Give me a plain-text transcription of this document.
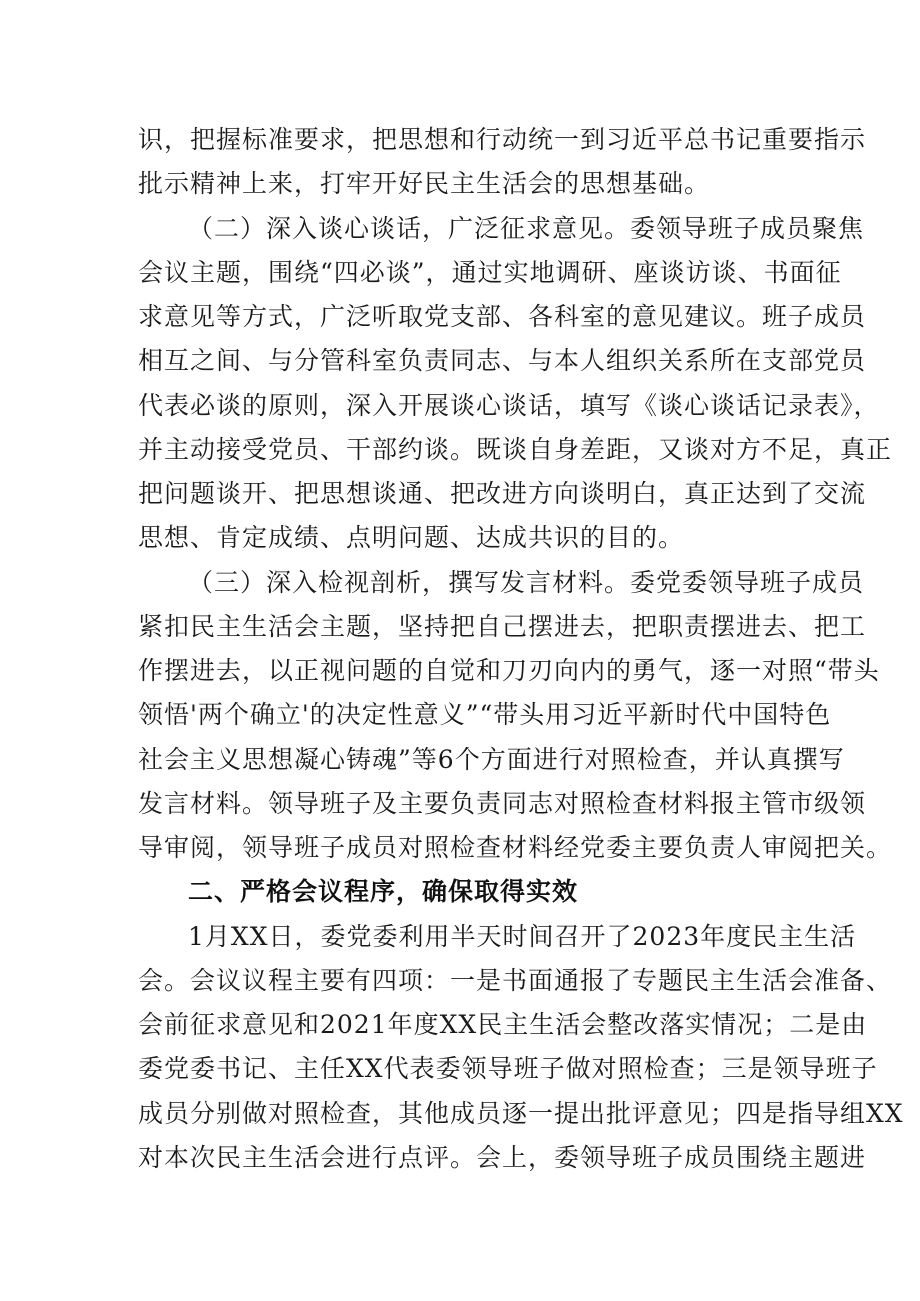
识，把握标准要求，把思想和行动统一到习近平总书记重要指示
批示精神上来，打牢开好民主生活会的思想基础。
（二）深入谈心谈话，广泛征求意见。委领导班子成员聚焦
会议主题，围绕“四必谈”，通过实地调研、座谈访谈、书面征
求意见等方式，广泛听取党支部、各科室的意见建议。班子成员
相互之间、与分管科室负责同志、与本人组织关系所在支部党员
代表必谈的原则，深入开展谈心谈话，填写《谈心谈话记录表》，
并主动接受党员、干部约谈。既谈自身差距，又谈对方不足，真正
把问题谈开、把思想谈通、把改进方向谈明白，真正达到了交流
思想、肯定成绩、点明问题、达成共识的目的。
（三）深入检视剖析，撰写发言材料。委党委领导班子成员
紧扣民主生活会主题，坚持把自己摆进去，把职责摆进去、把工
作摆进去，以正视问题的自觉和刀刃向内的勇气，逐一对照“带头
领悟'两个确立'的决定性意义”“带头用习近平新时代中国特色
社会主义思想凝心铸魂”等6个方面进行对照检查，并认真撰写
发言材料。领导班子及主要负责同志对照检查材料报主管市级领
导审阅，领导班子成员对照检查材料经党委主要负责人审阅把关。
二、严格会议程序，确保取得实效
1月XX日，委党委利用半天时间召开了2023年度民主生活
会。会议议程主要有四项：一是书面通报了专题民主生活会准备、
会前征求意见和2021年度XX民主生活会整改落实情况；二是由
委党委书记、主任XX代表委领导班子做对照检查；三是领导班子
成员分别做对照检查，其他成员逐一提出批评意见；四是指导组XX
对本次民主生活会进行点评。会上，委领导班子成员围绕主题进
